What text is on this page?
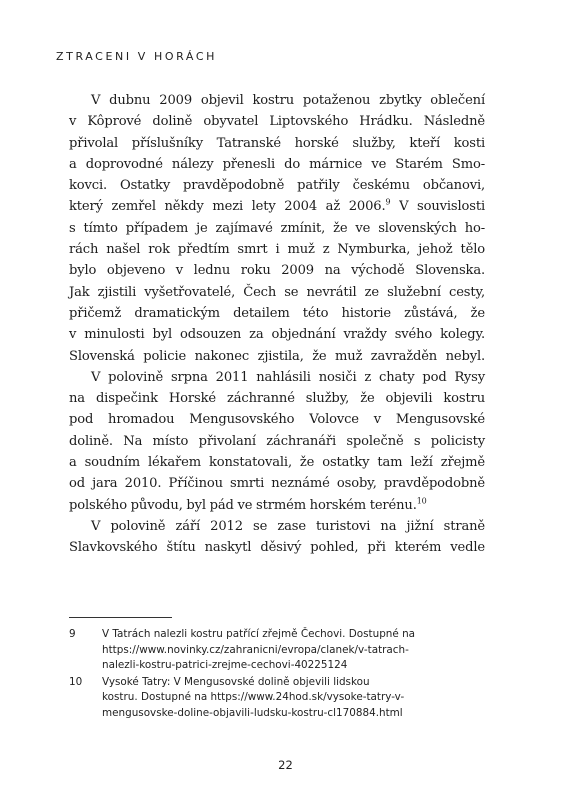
ZTRACENI V HORÁCH
V dubnu 2009 objevil kostru potaženou zbytky oblečení
v Kôprové dolině obyvatel Liptovského Hrádku. Následně
přivolal příslušníky Tatranské horské služby, kteří kosti
a doprovodné nálezy přenesli do márnice ve Starém Smo-
kovci. Ostatky pravděpodobně patřily českému občanovi,
který zemřel někdy mezi lety 2004 až 2006.$^9$ V souvislosti
s tímto případem je zajímavé zmínit, že ve slovenských ho-
rách našel rok předtím smrt i muž z Nymburka, jehož tělo
bylo objeveno v lednu roku 2009 na východě Slovenska.
Jak zjistili vyšetřovatelé, Čech se nevrátil ze služební cesty,
přičemž dramatickým detailem této historie zůstává, že
v minulosti byl odsouzen za objednání vraždy svého kolegy.
Slovenská policie nakonec zjistila, že muž zavražděn nebyl.
V polovině srpna 2011 nahlásili nosiči z chaty pod Rysy
na dispečink Horské záchranné služby, že objevili kostru
pod hromadou Mengusovského Volovce v Mengusovské
dolině. Na místo přivolaní záchranáři společně s policisty
a soudním lékařem konstatovali, že ostatky tam leží zřejmě
od jara 2010. Příčinou smrti neznámé osoby, pravděpodobně
polského původu, byl pád ve strmém horském terénu.$^{10}$
V polovině září 2012 se zase turistovi na jižní straně
Slavkovského štítu naskytl děsivý pohled, při kterém vedle
9	V Tatrách nalezli kostru patřící zřejmě Čechovi. Dostupné na
https://www.novinky.cz/zahranicni/evropa/clanek/v-tatrach-
nalezli-kostru-patrici-zrejme-cechovi-40225124
10	Vysoké Tatry: V Mengusovské dolině objevili lidskou
kostru. Dostupné na https://www.24hod.sk/vysoke-tatry-v-
mengusovske-doline-objavili-ludsku-kostru-cl170884.html
22
